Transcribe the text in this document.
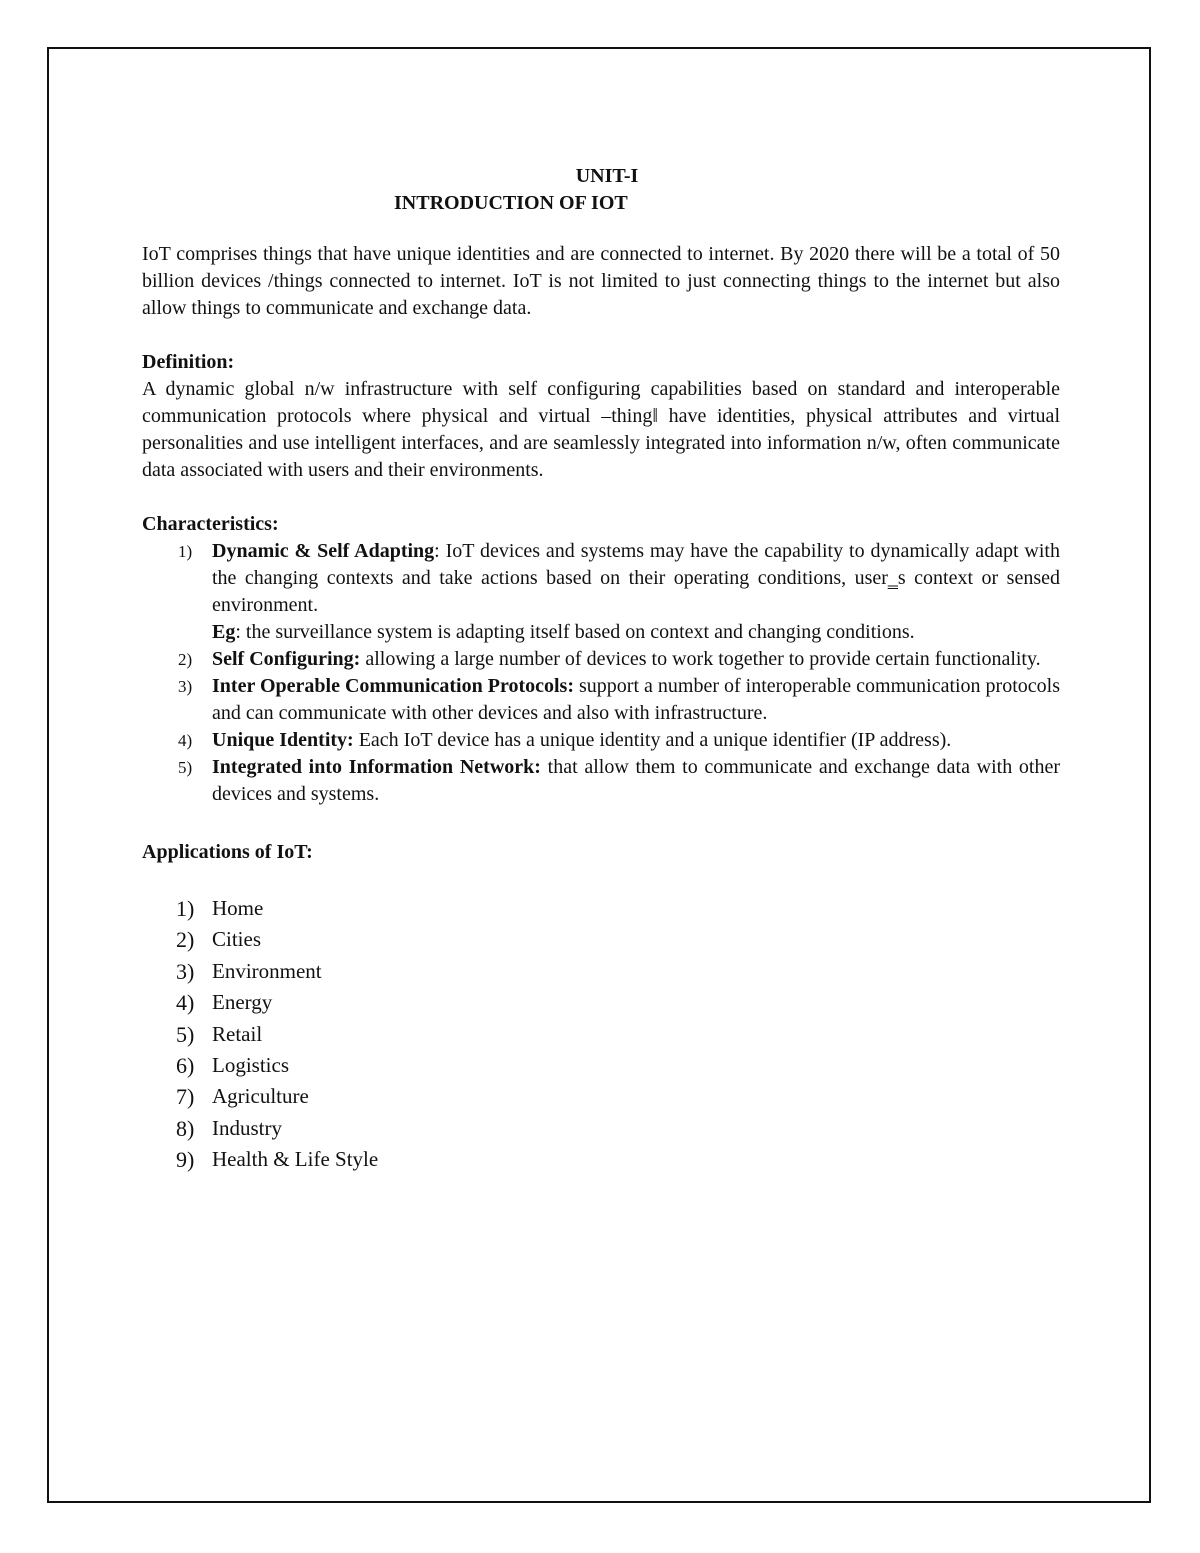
UNIT-I

INTRODUCTION OF IOT

IoT comprises things that have unique identities and are connected to internet. By 2020 there will be a total of 50 billion devices /things connected to internet. IoT is not limited to just connecting things to the internet but also allow things to communicate and exchange data.

Definition:

A dynamic global n/w infrastructure with self configuring capabilities based on standard and interoperable communication protocols where physical and virtual –thing‖ have identities, physical attributes and virtual personalities and use intelligent interfaces, and are seamlessly integrated into information n/w, often communicate data associated with users and their environments.

Characteristics:

1) Dynamic & Self Adapting: IoT devices and systems may have the capability to dynamically adapt with the changing contexts and take actions based on their operating conditions, user‗s context or sensed environment.
Eg: the surveillance system is adapting itself based on context and changing conditions.
2) Self Configuring: allowing a large number of devices to work together to provide certain functionality.
3) Inter Operable Communication Protocols: support a number of interoperable communication protocols and can communicate with other devices and also with infrastructure.
4) Unique Identity: Each IoT device has a unique identity and a unique identifier (IP address).
5) Integrated into Information Network: that allow them to communicate and exchange data with other devices and systems.

Applications of IoT:

1) Home
2) Cities
3) Environment
4) Energy
5) Retail
6) Logistics
7) Agriculture
8) Industry
9) Health & Life Style
